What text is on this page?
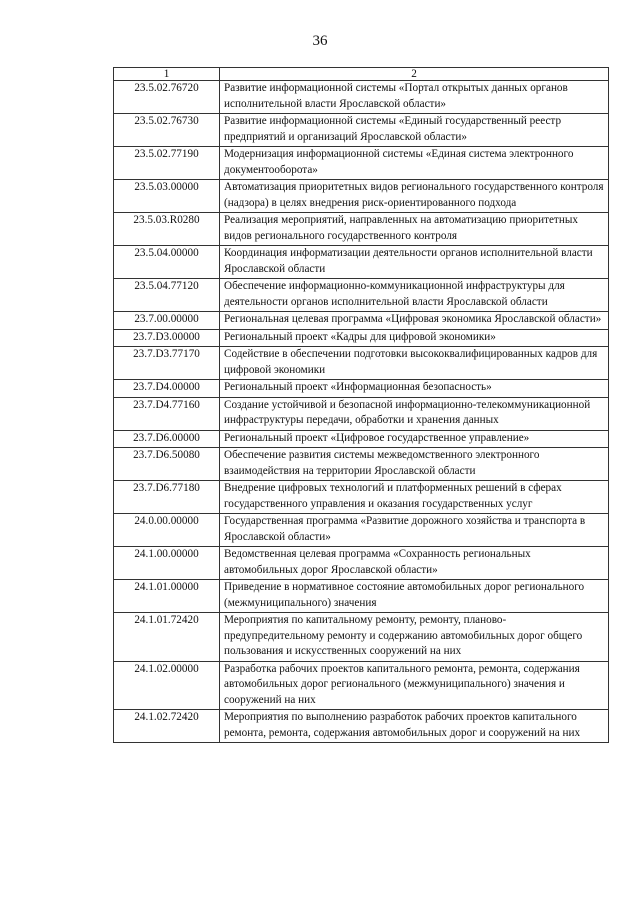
36
1	2
23.5.02.76720	Развитие информационной системы «Портал открытых данных органов исполнительной власти Ярославской области»
23.5.02.76730	Развитие информационной системы «Единый государственный реестр предприятий и организаций Ярославской области»
23.5.02.77190	Модернизация информационной системы «Единая система электронного документооборота»
23.5.03.00000	Автоматизация приоритетных видов регионального государственного контроля (надзора) в целях внедрения риск-ориентированного подхода
23.5.03.R0280	Реализация мероприятий, направленных на автоматизацию приоритетных видов регионального государственного контроля
23.5.04.00000	Координация информатизации деятельности органов исполнительной власти Ярославской области
23.5.04.77120	Обеспечение информационно-коммуникационной инфраструктуры для деятельности органов исполнительной власти Ярославской области
23.7.00.00000	Региональная целевая программа «Цифровая экономика Ярославской области»
23.7.D3.00000	Региональный проект «Кадры для цифровой экономики»
23.7.D3.77170	Содействие в обеспечении подготовки высококвалифицированных кадров для цифровой экономики
23.7.D4.00000	Региональный проект «Информационная безопасность»
23.7.D4.77160	Создание устойчивой и безопасной информационно-телекоммуникационной инфраструктуры передачи, обработки и хранения данных
23.7.D6.00000	Региональный проект «Цифровое государственное управление»
23.7.D6.50080	Обеспечение развития системы межведомственного электронного взаимодействия на территории Ярославской области
23.7.D6.77180	Внедрение цифровых технологий и платформенных решений в сферах государственного управления и оказания государственных услуг
24.0.00.00000	Государственная программа «Развитие дорожного хозяйства и транспорта в Ярославской области»
24.1.00.00000	Ведомственная целевая программа «Сохранность региональных автомобильных дорог Ярославской области»
24.1.01.00000	Приведение в нормативное состояние автомобильных дорог регионального (межмуниципального) значения
24.1.01.72420	Мероприятия по капитальному ремонту, ремонту, планово-предупредительному ремонту и содержанию автомобильных дорог общего пользования и искусственных сооружений на них
24.1.02.00000	Разработка рабочих проектов капитального ремонта, ремонта, содержания автомобильных дорог регионального (межмуниципального) значения и сооружений на них
24.1.02.72420	Мероприятия по выполнению разработок рабочих проектов капитального ремонта, ремонта, содержания автомобильных дорог и сооружений на них
